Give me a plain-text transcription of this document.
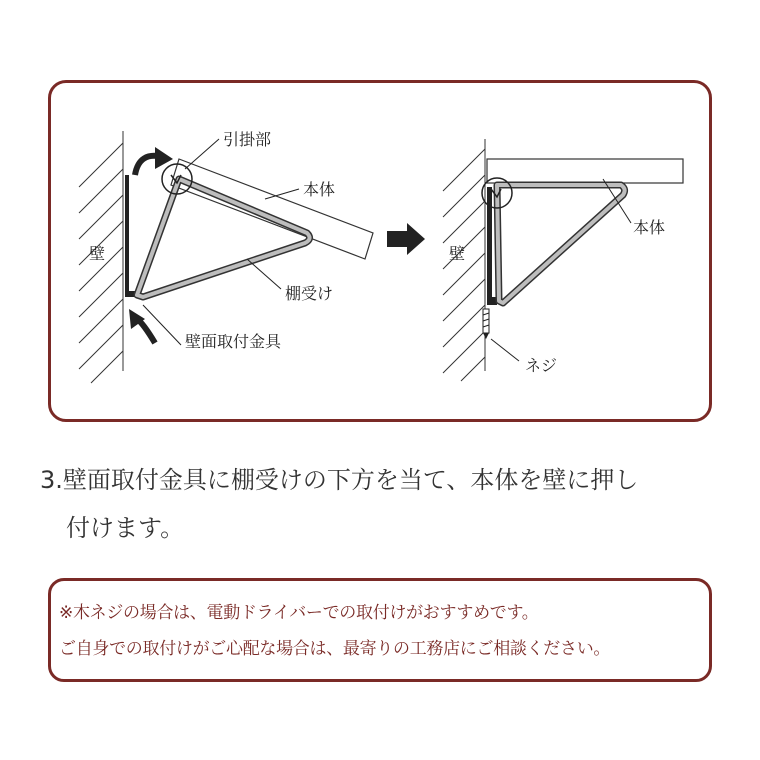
引掛部
本体
壁
棚受け
壁面取付金具
壁
本体
ネジ
3.壁面取付金具に棚受けの下方を当て、本体を壁に押し
付けます。
※木ネジの場合は、電動ドライバーでの取付けがおすすめです。
ご自身での取付けがご心配な場合は、最寄りの工務店にご相談ください。
